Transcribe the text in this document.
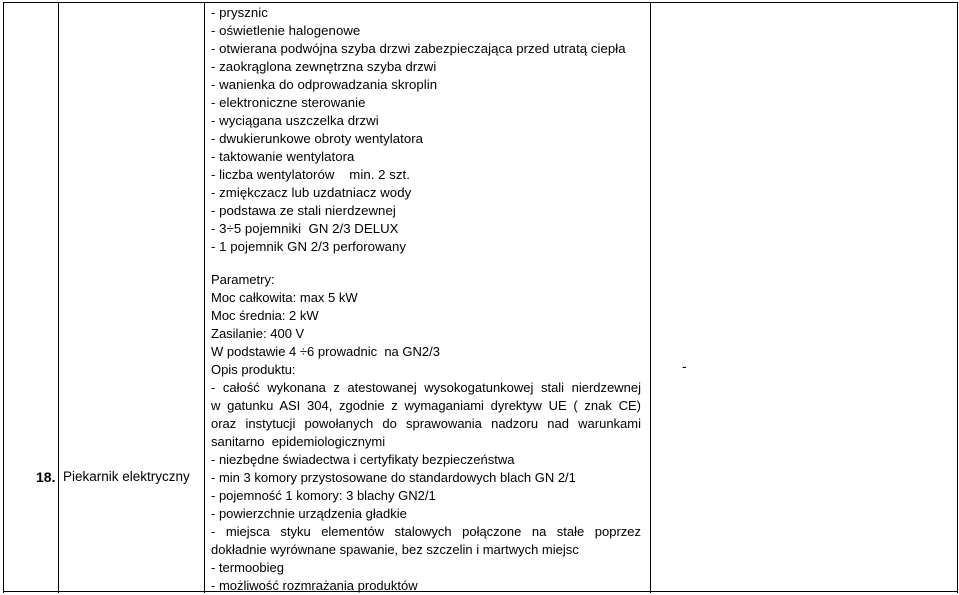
18. Piekarnik elektryczny
-
- prysznic
- oświetlenie halogenowe
- otwierana podwójna szyba drzwi zabezpieczająca przed utratą ciepła
- zaokrąglona zewnętrzna szyba drzwi
- wanienka do odprowadzania skroplin
- elektroniczne sterowanie
- wyciągana uszczelka drzwi
- dwukierunkowe obroty wentylatora
- taktowanie wentylatora
- liczba wentylatorów    min. 2 szt.
- zmiękczacz lub uzdatniacz wody
- podstawa ze stali nierdzewnej
- 3÷5 pojemniki  GN 2/3 DELUX
- 1 pojemnik GN 2/3 perforowany
Parametry:
Moc całkowita: max 5 kW
Moc średnia: 2 kW
Zasilanie: 400 V
W podstawie 4 ÷6 prowadnic  na GN2/3
Opis produktu:
- całość wykonana z atestowanej wysokogatunkowej stali nierdzewnej
w gatunku ASI 304, zgodnie z wymaganiami dyrektyw UE ( znak CE)
oraz instytucji powołanych do sprawowania nadzoru nad warunkami
sanitarno  epidemiologicznymi
- niezbędne świadectwa i certyfikaty bezpieczeństwa
- min 3 komory przystosowane do standardowych blach GN 2/1
- pojemność 1 komory: 3 blachy GN2/1
- powierzchnie urządzenia gładkie
- miejsca styku elementów stalowych połączone na stałe poprzez
dokładnie wyrównane spawanie, bez szczelin i martwych miejsc
- termoobieg
- możliwość rozmrażania produktów
